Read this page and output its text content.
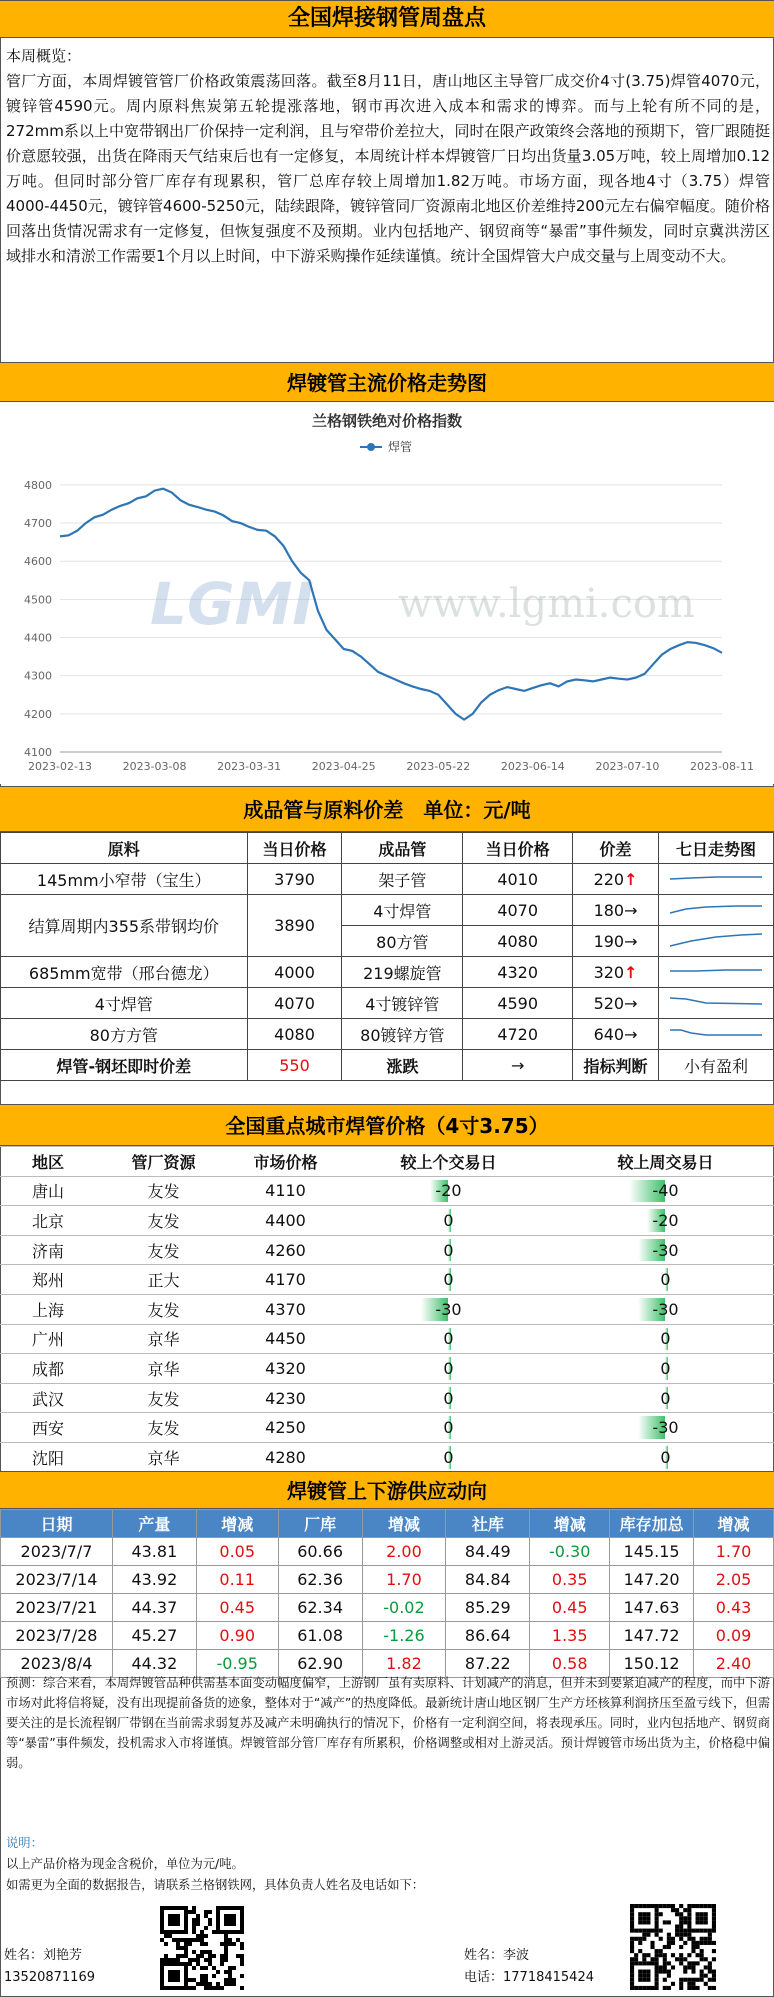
全国焊接钢管周盘点
本周概览：
管厂方面，本周焊镀管管厂价格政策震荡回落。截至8月11日，唐山地区主导管厂成交价4寸(3.75)焊管4070元，镀锌管4590元。周内原料焦炭第五轮提涨落地，钢市再次进入成本和需求的博弈。而与上轮有所不同的是，272mm系以上中宽带钢出厂价保持一定利润，且与窄带价差拉大，同时在限产政策终会落地的预期下，管厂跟随挺价意愿较强，出货在降雨天气结束后也有一定修复，本周统计样本焊镀管厂日均出货量3.05万吨，较上周增加0.12万吨。但同时部分管厂库存有现累积，管厂总库存较上周增加1.82万吨。市场方面，现各地4寸（3.75）焊管4000-4450元，镀锌管4600-5250元，陆续跟降，镀锌管同厂资源南北地区价差维持200元左右偏窄幅度。随价格回落出货情况需求有一定修复，但恢复强度不及预期。业内包括地产、钢贸商等“暴雷”事件频发，同时京冀洪涝区域排水和清淤工作需要1个月以上时间，中下游采购操作延续谨慎。统计全国焊管大户成交量与上周变动不大。
焊镀管主流价格走势图
兰格钢铁绝对价格指数
焊管
4100
4200
4300
4400
4500
4600
4700
4800
2023-02-13	2023-03-08	2023-03-31	2023-04-25	2023-05-22	2023-06-14	2023-07-10	2023-08-11
LGMI www.lgmi.com
成品管与原料价差　单位：元/吨
原料	当日价格	成品管	当日价格	价差	七日走势图
145mm小窄带（宝生）	3790	架子管	4010	220↑	
结算周期内355系带钢均价	3890	4寸焊管	4070	180→	
		80方管	4080	190→	
685mm宽带（邢台德龙）	4000	219螺旋管	4320	320↑	
4寸焊管	4070	4寸镀锌管	4590	520→	
80方方管	4080	80镀锌方管	4720	640→	
焊管-钢坯即时价差	550	涨跌	→	指标判断	小有盈利
全国重点城市焊管价格（4寸3.75）
地区	管厂资源	市场价格	较上个交易日	较上周交易日
唐山	友发	4110	-20	-40
北京	友发	4400	0	-20
济南	友发	4260	0	-30
郑州	正大	4170	0	0
上海	友发	4370	-30	-30
广州	京华	4450	0	0
成都	京华	4320	0	0
武汉	友发	4230	0	0
西安	友发	4250	0	-30
沈阳	京华	4280	0	0
焊镀管上下游供应动向
日期	产量	增减	厂库	增减	社库	增减	库存加总	增减
2023/7/7	43.81	0.05	60.66	2.00	84.49	-0.30	145.15	1.70
2023/7/14	43.92	0.11	62.36	1.70	84.84	0.35	147.20	2.05
2023/7/21	44.37	0.45	62.34	-0.02	85.29	0.45	147.63	0.43
2023/7/28	45.27	0.90	61.08	-1.26	86.64	1.35	147.72	0.09
2023/8/4	44.32	-0.95	62.90	1.82	87.22	0.58	150.12	2.40
预测：综合来看，本周焊镀管品种供需基本面变动幅度偏窄，上游钢厂虽有卖原料、计划减产的消息，但并未到要紧迫减产的程度，而中下游市场对此将信将疑，没有出现提前备货的迹象，整体对于“减产”的热度降低。最新统计唐山地区钢厂生产方坯核算利润挤压至盈亏线下，但需要关注的是长流程钢厂带钢在当前需求弱复苏及减产未明确执行的情况下，价格有一定利润空间，将表现承压。同时，业内包括地产、钢贸商等“暴雷”事件频发，投机需求入市将谨慎。焊镀管部分管厂库存有所累积，价格调整或相对上游灵活。预计焊镀管市场出货为主，价格稳中偏弱。
说明：
以上产品价格为现金含税价，单位为元/吨。
如需更为全面的数据报告，请联系兰格钢铁网，具体负责人姓名及电话如下：
姓名：刘艳芳
13520871169
姓名：李波
电话：17718415424
